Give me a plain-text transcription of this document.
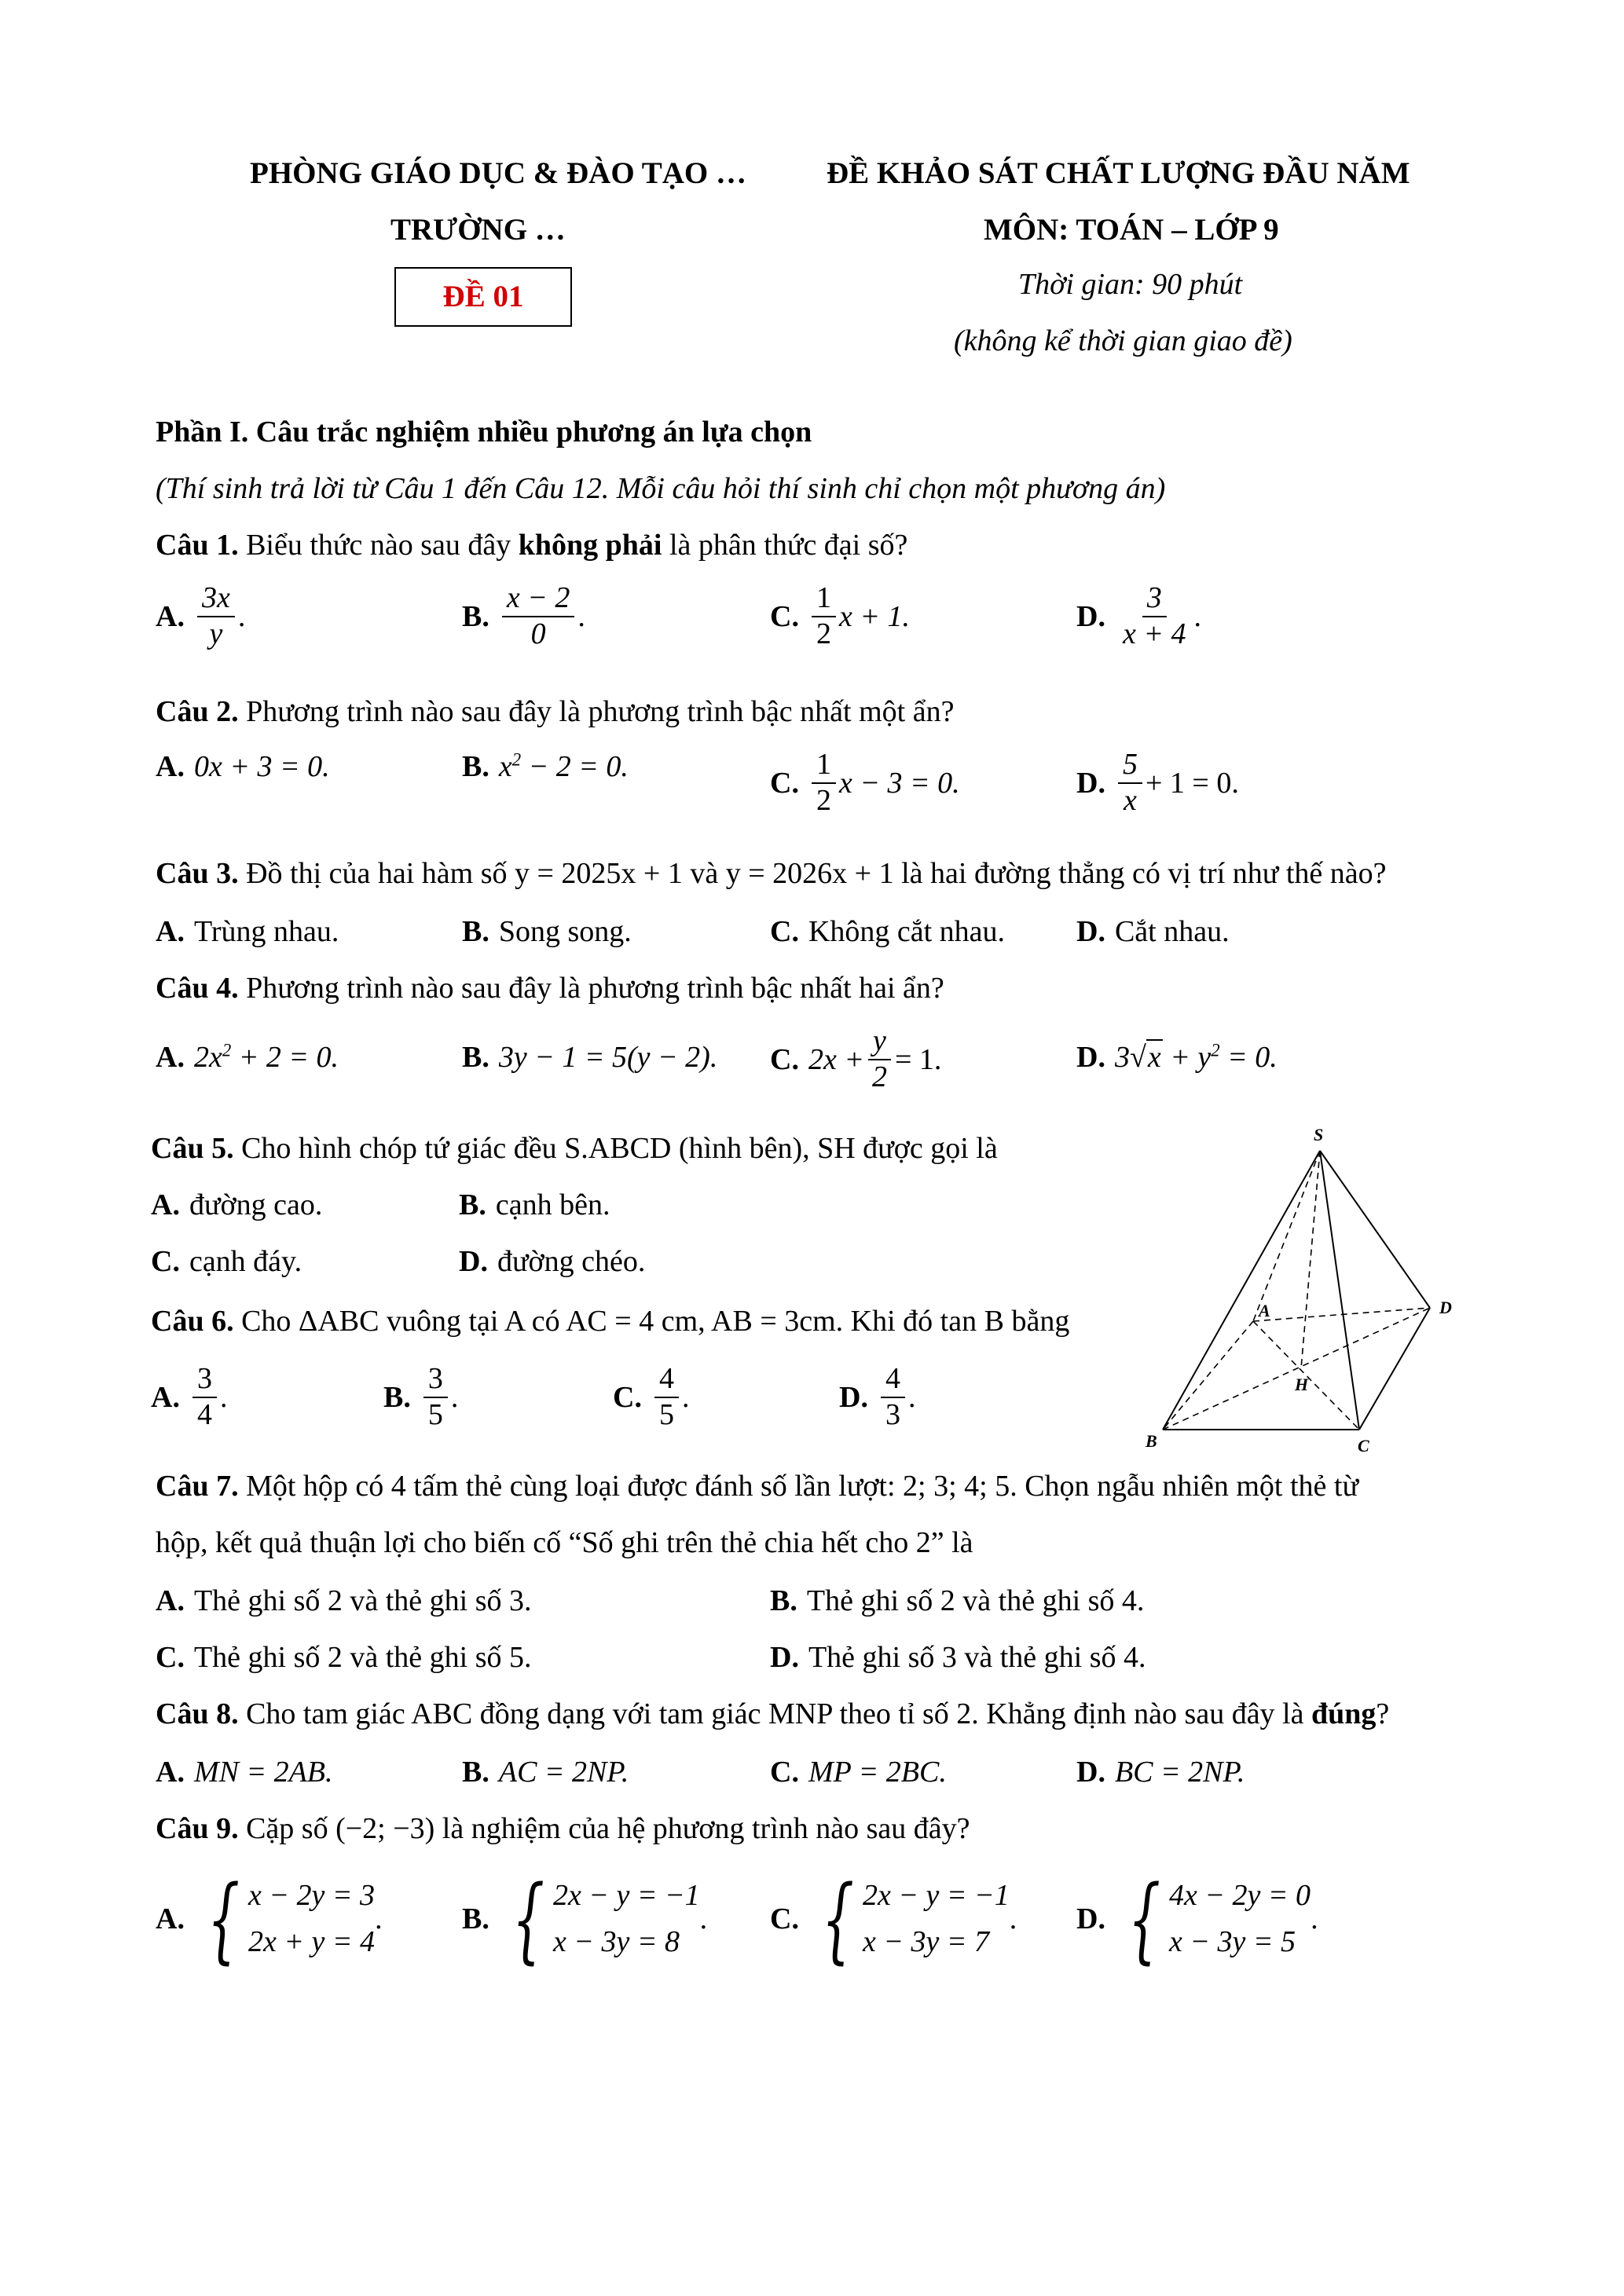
PHÒNG GIÁO DỤC & ĐÀO TẠO …
TRƯỜNG …
ĐỀ 01
ĐỀ KHẢO SÁT CHẤT LƯỢNG ĐẦU NĂM
MÔN: TOÁN – LỚP 9
Thời gian: 90 phút
(không kể thời gian giao đề)
Phần I. Câu trắc nghiệm nhiều phương án lựa chọn
(Thí sinh trả lời từ Câu 1 đến Câu 12. Mỗi câu hỏi thí sinh chỉ chọn một phương án)
Câu 1. Biểu thức nào sau đây không phải là phân thức đại số?
A. $\frac{3x}{y}$ .	B. $\frac{x - 2}{0}$ .	C. $\frac{1}{2}$ x + 1.	D. $\frac{3}{x + 4}$ .
Câu 2. Phương trình nào sau đây là phương trình bậc nhất một ẩn?
A. 0x + 3 = 0.	B. $x^2 - 2 = 0$.	C. $\frac{1}{2}$ x − 3 = 0.	D. $\frac{5}{x} + 1 = 0$.
Câu 3. Đồ thị của hai hàm số y = 2025x + 1 và y = 2026x + 1 là hai đường thẳng có vị trí như thế nào?
A. Trùng nhau.	B. Song song.	C. Không cắt nhau. D. Cắt nhau.
Câu 4. Phương trình nào sau đây là phương trình bậc nhất hai ẩn?
A. $2x^2 + 2 = 0$.	B. 3y − 1 = 5(y − 2). C. $2x + \frac{y}{2} = 1$.	D. $3√x + y^2 = 0$.
Câu 5. Cho hình chóp tứ giác đều S.ABCD (hình bên), SH được gọi là
A. đường cao.	B. cạnh bên.
C. cạnh đáy.	D. đường chéo.
Câu 6. Cho ΔABC vuông tại A có AC = 4 cm, AB = 3cm. Khi đó tan B bằng
A. $\frac{3}{4}$ .	B. $\frac{3}{5}$ .	C. $\frac{4}{5}$ .	D. $\frac{4}{3}$ .
S
A
B	C
D
H
Câu 7. Một hộp có 4 tấm thẻ cùng loại được đánh số lần lượt: 2; 3; 4; 5. Chọn ngẫu nhiên một thẻ từ
hộp, kết quả thuận lợi cho biến cố “Số ghi trên thẻ chia hết cho 2” là
A. Thẻ ghi số 2 và thẻ ghi số 3.	B. Thẻ ghi số 2 và thẻ ghi số 4.
C. Thẻ ghi số 2 và thẻ ghi số 5.	D. Thẻ ghi số 3 và thẻ ghi số 4.
Câu 8. Cho tam giác ABC đồng dạng với tam giác MNP theo tỉ số 2. Khẳng định nào sau đây là đúng?
A. MN = 2AB.	B. AC = 2NP.	C. MP = 2BC.	D. BC = 2NP.
Câu 9. Cặp số (−2; −3) là nghiệm của hệ phương trình nào sau đây?
A. { x − 2y = 3
2x + y = 4
.	B. { 2x − y = −1
x − 3y = 8
. C. { 2x − y = −1
x − 3y = 7
. D. { 4x − 2y = 0
x − 3y = 5
.
